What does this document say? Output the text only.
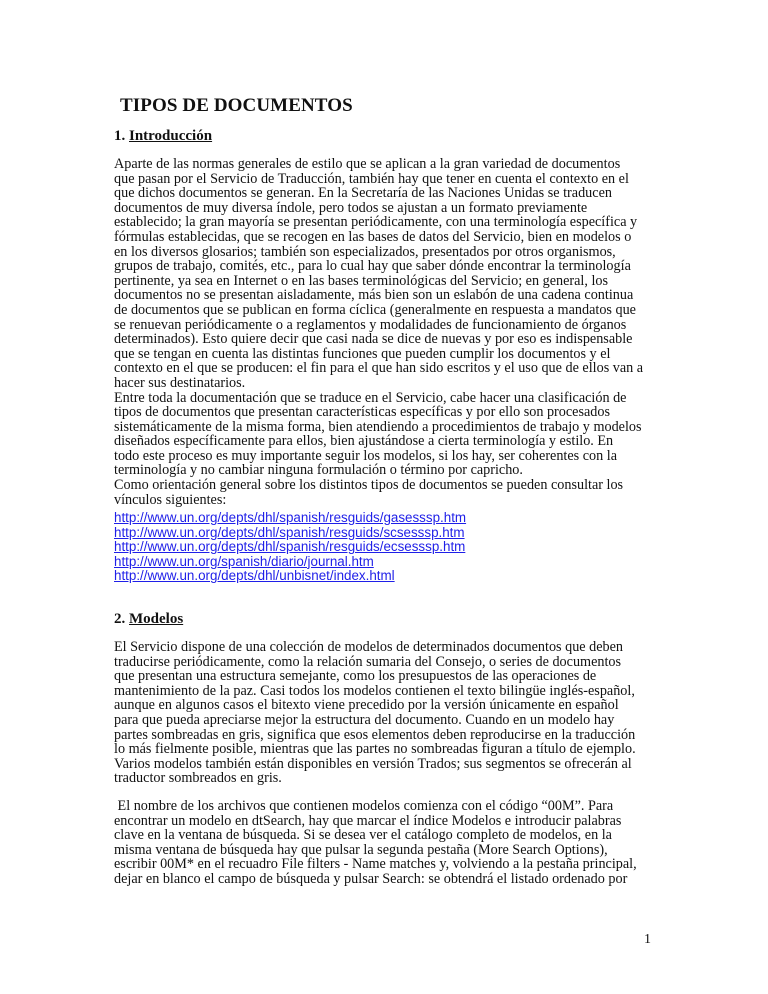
TIPOS DE DOCUMENTOS
1. Introducción
Aparte de las normas generales de estilo que se aplican a la gran variedad de documentos
que pasan por el Servicio de Traducción, también hay que tener en cuenta el contexto en el
que dichos documentos se generan. En la Secretaría de las Naciones Unidas se traducen
documentos de muy diversa índole, pero todos se ajustan a un formato previamente
establecido; la gran mayoría se presentan periódicamente, con una terminología específica y
fórmulas establecidas, que se recogen en las bases de datos del Servicio, bien en modelos o
en los diversos glosarios; también son especializados, presentados por otros organismos,
grupos de trabajo, comités, etc., para lo cual hay que saber dónde encontrar la terminología
pertinente, ya sea en Internet o en las bases terminológicas del Servicio; en general, los
documentos no se presentan aisladamente, más bien son un eslabón de una cadena continua
de documentos que se publican en forma cíclica (generalmente en respuesta a mandatos que
se renuevan periódicamente o a reglamentos y modalidades de funcionamiento de órganos
determinados). Esto quiere decir que casi nada se dice de nuevas y por eso es indispensable
que se tengan en cuenta las distintas funciones que pueden cumplir los documentos y el
contexto en el que se producen: el fin para el que han sido escritos y el uso que de ellos van a
hacer sus destinatarios.
Entre toda la documentación que se traduce en el Servicio, cabe hacer una clasificación de
tipos de documentos que presentan características específicas y por ello son procesados
sistemáticamente de la misma forma, bien atendiendo a procedimientos de trabajo y modelos
diseñados específicamente para ellos, bien ajustándose a cierta terminología y estilo. En
todo este proceso es muy importante seguir los modelos, si los hay, ser coherentes con la
terminología y no cambiar ninguna formulación o término por capricho.
Como orientación general sobre los distintos tipos de documentos se pueden consultar los
vínculos siguientes:
http://www.un.org/depts/dhl/spanish/resguids/gasesssp.htm
http://www.un.org/depts/dhl/spanish/resguids/scsesssp.htm
http://www.un.org/depts/dhl/spanish/resguids/ecsesssp.htm
http://www.un.org/spanish/diario/journal.htm
http://www.un.org/depts/dhl/unbisnet/index.html
2. Modelos
El Servicio dispone de una colección de modelos de determinados documentos que deben
traducirse periódicamente, como la relación sumaria del Consejo, o series de documentos
que presentan una estructura semejante, como los presupuestos de las operaciones de
mantenimiento de la paz. Casi todos los modelos contienen el texto bilingüe inglés-español,
aunque en algunos casos el bitexto viene precedido por la versión únicamente en español
para que pueda apreciarse mejor la estructura del documento. Cuando en un modelo hay
partes sombreadas en gris, significa que esos elementos deben reproducirse en la traducción
lo más fielmente posible, mientras que las partes no sombreadas figuran a título de ejemplo.
Varios modelos también están disponibles en versión Trados; sus segmentos se ofrecerán al
traductor sombreados en gris.
El nombre de los archivos que contienen modelos comienza con el código “00M”. Para
encontrar un modelo en dtSearch, hay que marcar el índice Modelos e introducir palabras
clave en la ventana de búsqueda. Si se desea ver el catálogo completo de modelos, en la
misma ventana de búsqueda hay que pulsar la segunda pestaña (More Search Options),
escribir 00M* en el recuadro File filters - Name matches y, volviendo a la pestaña principal,
dejar en blanco el campo de búsqueda y pulsar Search: se obtendrá el listado ordenado por
1
